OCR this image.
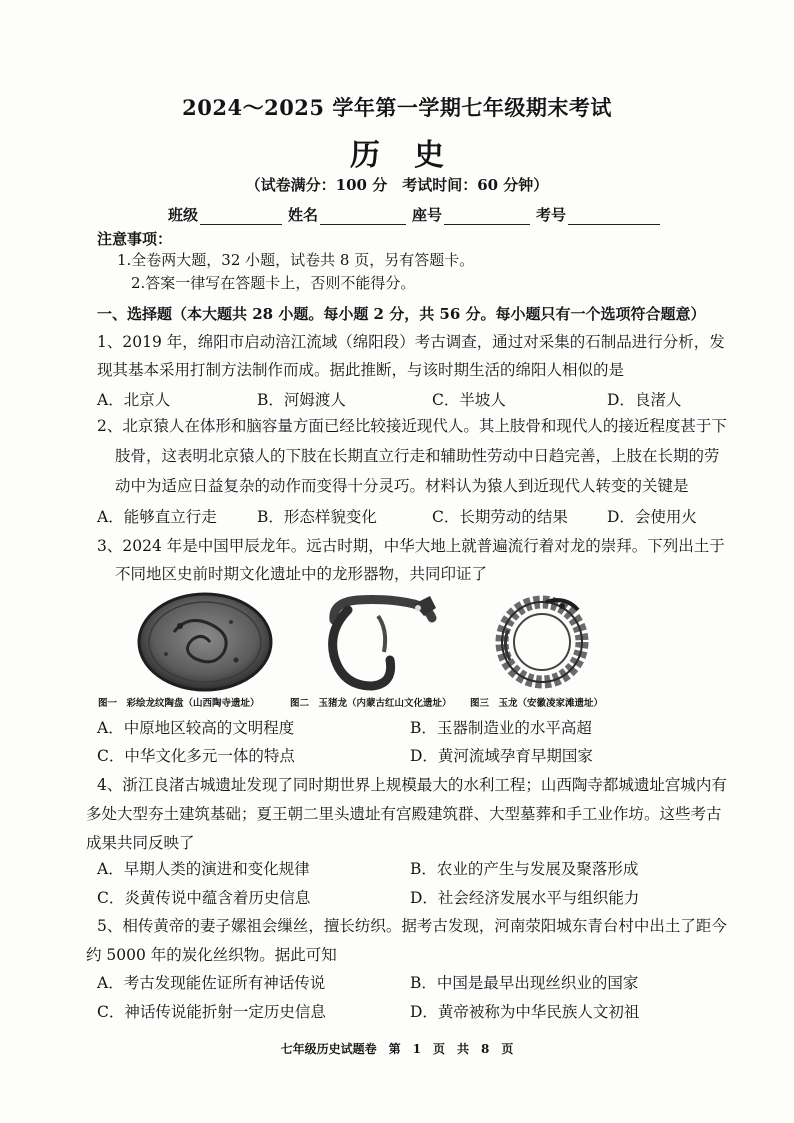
2024～2025 学年第一学期七年级期末考试
历史
（试卷满分：100 分　考试时间：60 分钟）
班级	姓名	座号	考号
注意事项：
1.全卷两大题，32 小题，试卷共 8 页，另有答题卡。
2.答案一律写在答题卡上，否则不能得分。
一、选择题（本大题共 28 小题。每小题 2 分，共 56 分。每小题只有一个选项符合题意）
1、2019 年，绵阳市启动涪江流域（绵阳段）考古调查，通过对采集的石制品进行分析，发
现其基本采用打制方法制作而成。据此推断，与该时期生活的绵阳人相似的是
A．北京人	B．河姆渡人	C．半坡人	D．良渚人
2、北京猿人在体形和脑容量方面已经比较接近现代人。其上肢骨和现代人的接近程度甚于下
肢骨，这表明北京猿人的下肢在长期直立行走和辅助性劳动中日趋完善，上肢在长期的劳
动中为适应日益复杂的动作而变得十分灵巧。材料认为猿人到近现代人转变的关键是
A．能够直立行走	B．形态样貌变化	C．长期劳动的结果	D．会使用火
3、2024 年是中国甲辰龙年。远古时期，中华大地上就普遍流行着对龙的崇拜。下列出土于
不同地区史前时期文化遗址中的龙形器物，共同印证了
图一　彩绘龙纹陶盘（山西陶寺遗址）	图二　玉猪龙（内蒙古红山文化遗址） 图三　玉龙（安徽凌家滩遗址）
A．中原地区较高的文明程度	B．玉器制造业的水平高超
C．中华文化多元一体的特点	D．黄河流域孕育早期国家
4、浙江良渚古城遗址发现了同时期世界上规模最大的水利工程；山西陶寺都城遗址宫城内有
多处大型夯土建筑基础；夏王朝二里头遗址有宫殿建筑群、大型墓葬和手工业作坊。这些考古
成果共同反映了
A．早期人类的演进和变化规律	B．农业的产生与发展及聚落形成
C．炎黄传说中蕴含着历史信息	D．社会经济发展水平与组织能力
5、相传黄帝的妻子嫘祖会缫丝，擅长纺织。据考古发现，河南荥阳城东青台村中出土了距今
约 5000 年的炭化丝织物。据此可知
A．考古发现能佐证所有神话传说	B．中国是最早出现丝织业的国家
C．神话传说能折射一定历史信息	D．黄帝被称为中华民族人文初祖
七年级历史试题卷　第　1　页　共　8　页
